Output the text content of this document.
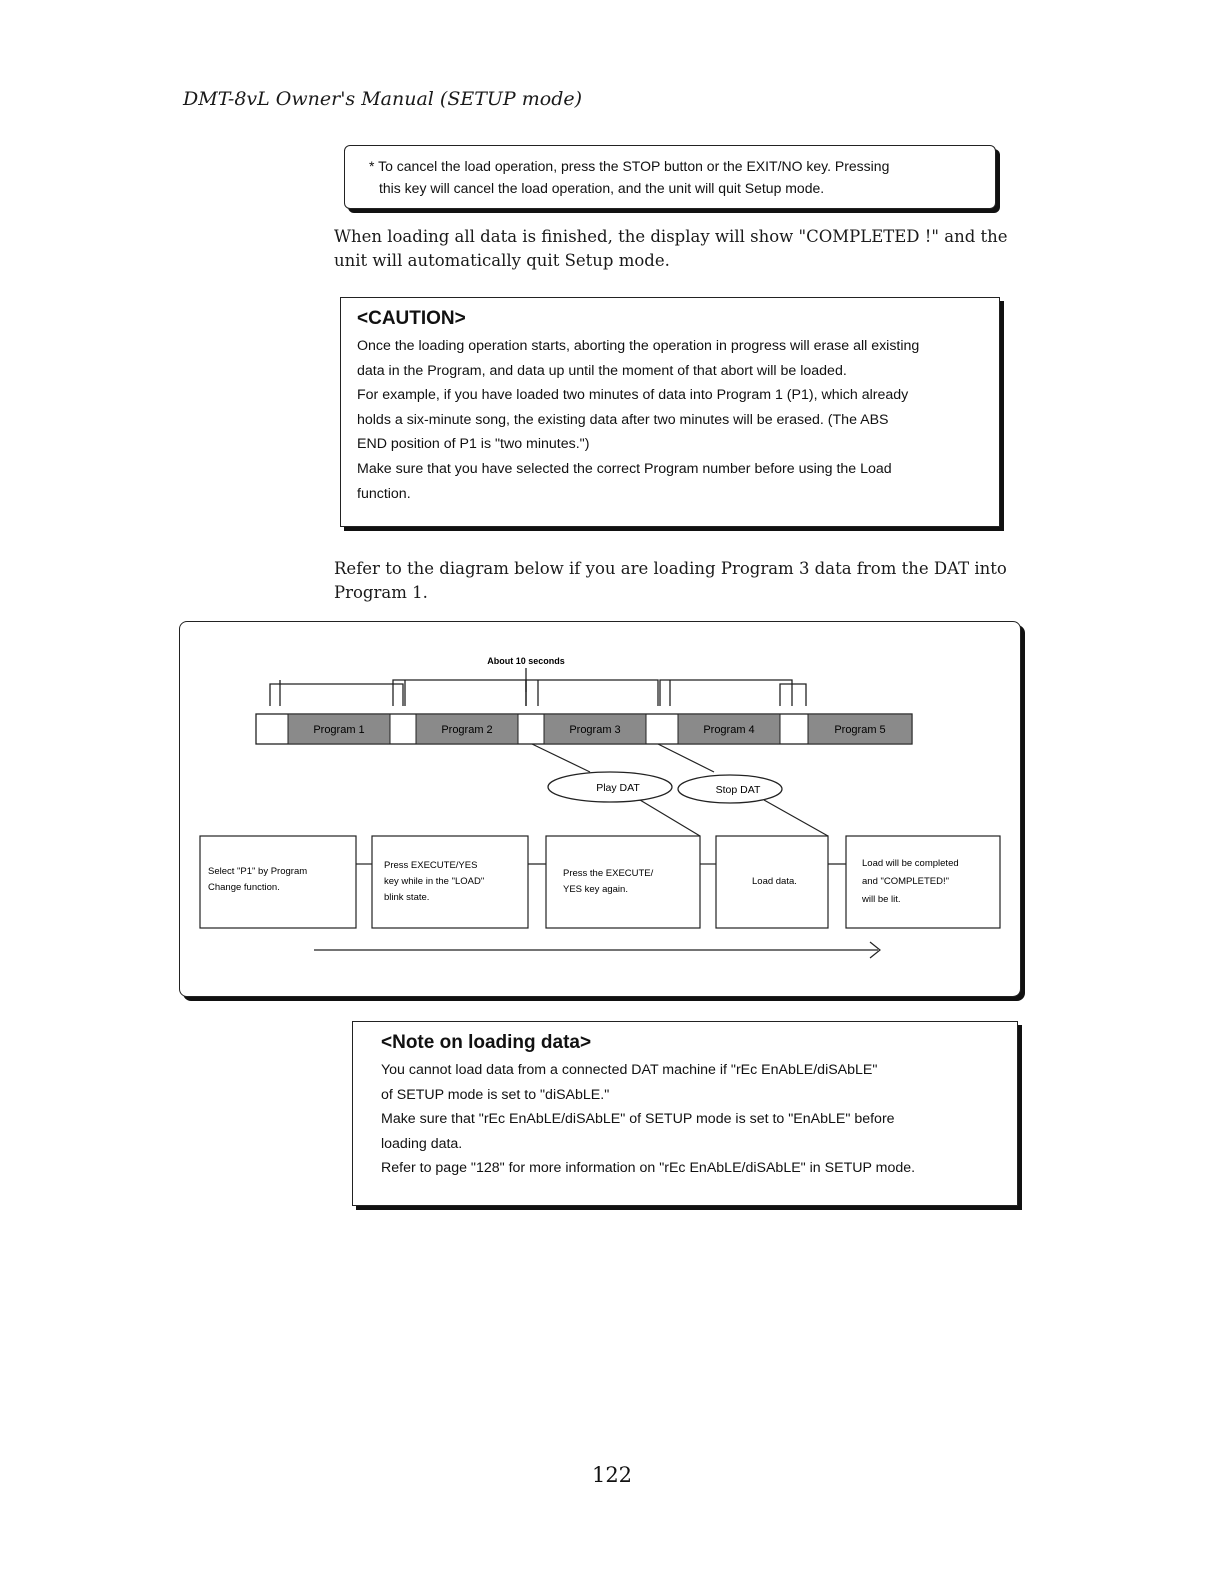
DMT-8vL Owner's Manual (SETUP mode)

* To cancel the load operation, press the STOP button or the EXIT/NO key. Pressing
this key will cancel the load operation, and the unit will quit Setup mode.

When loading all data is finished, the display will show "COMPLETED !" and the
unit will automatically quit Setup mode.
<CAUTION>
Once the loading operation starts, aborting the operation in progress will erase all existing
data in the Program, and data up until the moment of that abort will be loaded.
For example, if you have loaded two minutes of data into Program 1 (P1), which already
holds a six-minute song, the existing data after two minutes will be erased. (The ABS
END position of P1 is "two minutes.")
Make sure that you have selected the correct Program number before using the Load
function.
Refer to the diagram below if you are loading Program 3 data from the DAT into
Program 1.
About 10 seconds
Program 1	Program 2	Program 3	Program 4	Program 5
Play DAT	Stop DAT
Select "P1" by Program Change function.
Press EXECUTE/YES key while in the "LOAD" blink state.
Press the EXECUTE/ YES key again.
Load data.
Load will be completed and "COMPLETED!" will be lit.
<Note on loading data>
You cannot load data from a connected DAT machine if "rEc EnAbLE/diSAbLE"
of SETUP mode is set to "diSAbLE."
Make sure that "rEc EnAbLE/diSAbLE" of SETUP mode is set to "EnAbLE" before
loading data.
Refer to page "128" for more information on "rEc EnAbLE/diSAbLE" in SETUP mode.
122
